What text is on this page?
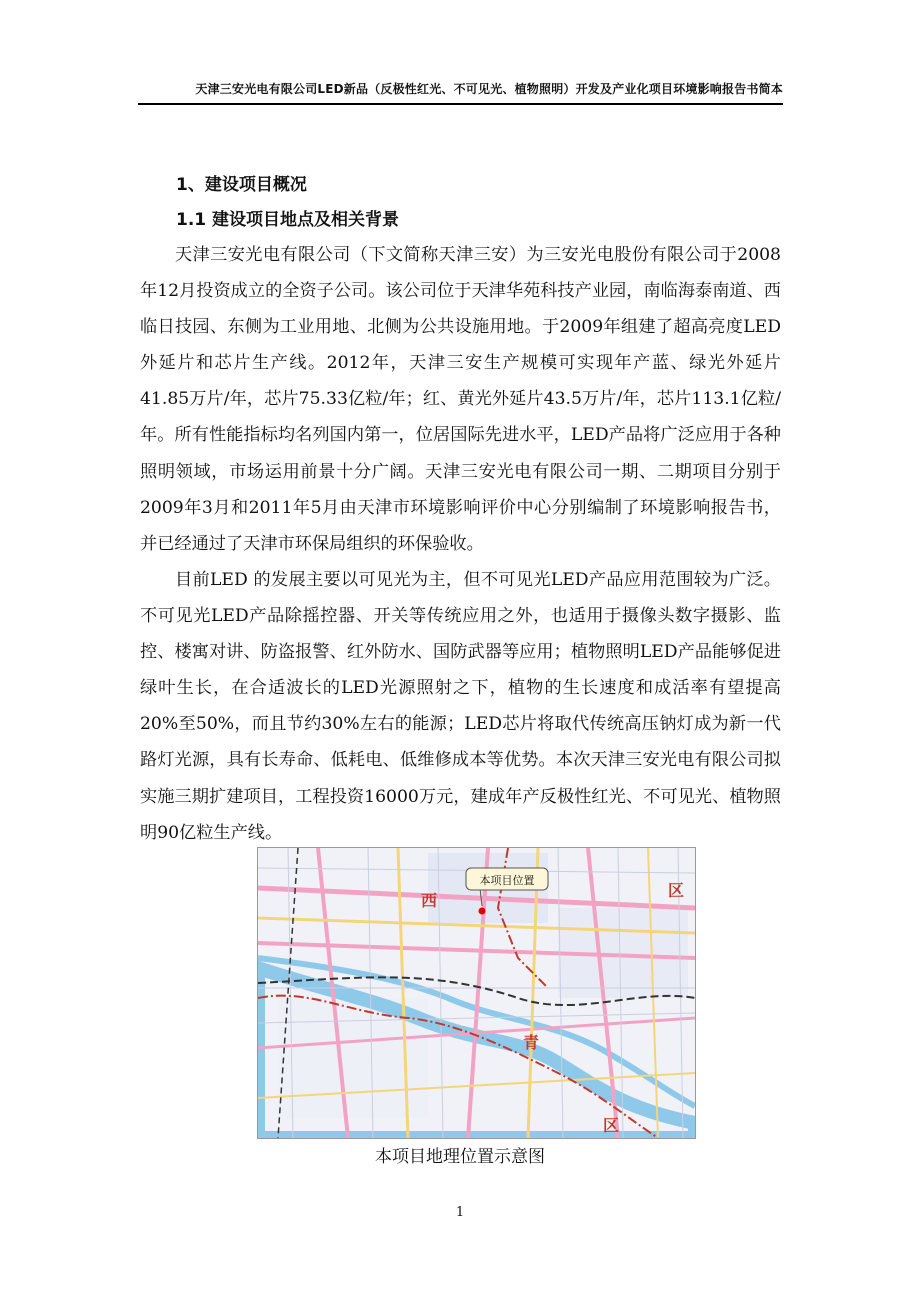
天津三安光电有限公司LED新品（反极性红光、不可见光、植物照明）开发及产业化项目环境影响报告书简本
1、建设项目概况
1.1 建设项目地点及相关背景

天津三安光电有限公司（下文简称天津三安）为三安光电股份有限公司于2008年12月投资成立的全资子公司。该公司位于天津华苑科技产业园，南临海泰南道、西临日技园、东侧为工业用地、北侧为公共设施用地。于2009年组建了超高亮度LED外延片和芯片生产线。2012年，天津三安生产规模可实现年产蓝、绿光外延片41.85万片/年，芯片75.33亿粒/年；红、黄光外延片43.5万片/年，芯片113.1亿粒/年。所有性能指标均名列国内第一，位居国际先进水平，LED产品将广泛应用于各种照明领域，市场运用前景十分广阔。天津三安光电有限公司一期、二期项目分别于2009年3月和2011年5月由天津市环境影响评价中心分别编制了环境影响报告书，并已经通过了天津市环保局组织的环保验收。

目前LED 的发展主要以可见光为主，但不可见光LED产品应用范围较为广泛。不可见光LED产品除摇控器、开关等传统应用之外，也适用于摄像头数字摄影、监控、楼寓对讲、防盗报警、红外防水、国防武器等应用；植物照明LED产品能够促进绿叶生长，在合适波长的LED光源照射之下，植物的生长速度和成活率有望提高20%至50%，而且节约30%左右的能源；LED芯片将取代传统高压钠灯成为新一代路灯光源，具有长寿命、低耗电、低维修成本等优势。本次天津三安光电有限公司拟实施三期扩建项目，工程投资16000万元，建成年产反极性红光、不可见光、植物照明90亿粒生产线。

西
青
区
区
本项目位置
本项目地理位置示意图
1
